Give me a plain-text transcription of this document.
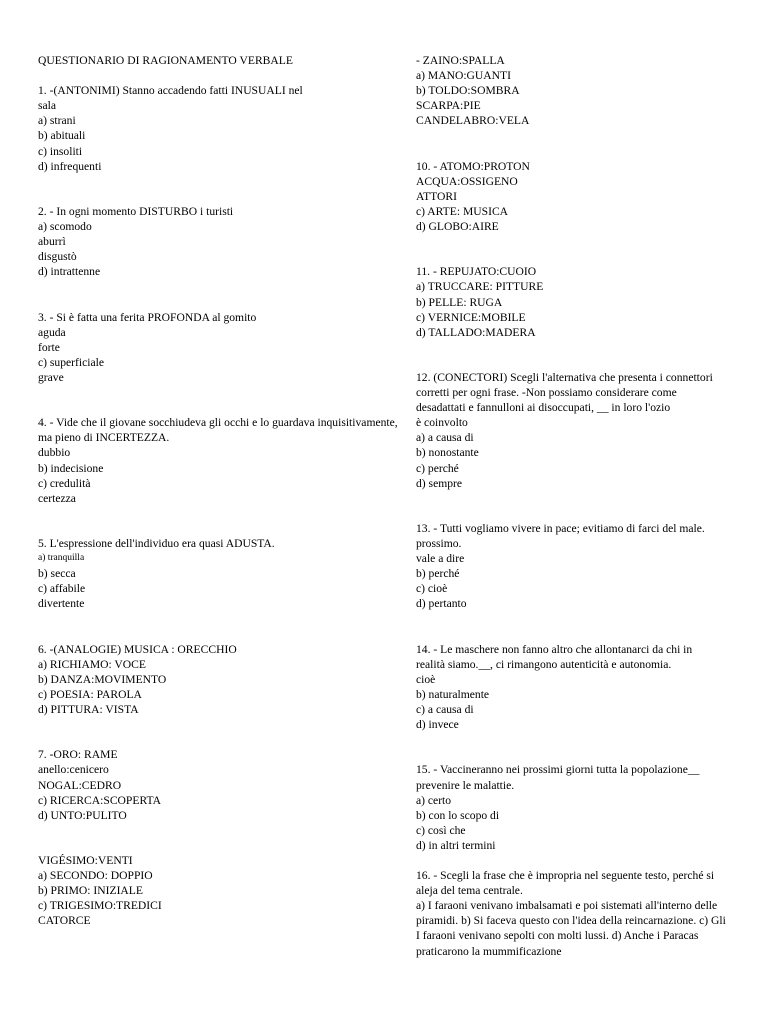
QUESTIONARIO DI RAGIONAMENTO VERBALE
1. -(ANTONIMI) Stanno accadendo fatti INUSUALI nel
sala
a) strani
b) abituali
c) insoliti
d) infrequenti
2. - In ogni momento DISTURBO i turisti
a) scomodo
aburrì
disgustò
d) intrattenne
3. - Si è fatta una ferita PROFONDA al gomito
aguda
forte
c) superficiale
grave
4. - Vide che il giovane socchiudeva gli occhi e lo guardava inquisitivamente,
ma pieno di INCERTEZZA.
dubbio
b) indecisione
c) credulità
certezza
5. L'espressione dell'individuo era quasi ADUSTA.
a) tranquilla
b) secca
c) affabile
divertente
6. -(ANALOGIE) MUSICA : ORECCHIO
a) RICHIAMO: VOCE
b) DANZA:MOVIMENTO
c) POESIA: PAROLA
d) PITTURA: VISTA
7. -ORO: RAME
anello:cenicero
NOGAL:CEDRO
c) RICERCA:SCOPERTA
d) UNTO:PULITO
VIGÉSIMO:VENTI
a) SECONDO: DOPPIO
b) PRIMO: INIZIALE
c) TRIGESIMO:TREDICI
CATORCE
- ZAINO:SPALLA
a) MANO:GUANTI
b) TOLDO:SOMBRA
SCARPA:PIE
CANDELABRO:VELA
10. - ATOMO:PROTON
ACQUA:OSSIGENO
ATTORI
c) ARTE: MUSICA
d) GLOBO:AIRE
11. - REPUJATO:CUOIO
a) TRUCCARE: PITTURE
b) PELLE: RUGA
c) VERNICE:MOBILE
d) TALLADO:MADERA
12. (CONECTORI) Scegli l'alternativa che presenta i connettori
corretti per ogni frase. -Non possiamo considerare come
desadattati e fannulloni ai disoccupati, __ in loro l'ozio
è coinvolto
a) a causa di
b) nonostante
c) perché
d) sempre
13. - Tutti vogliamo vivere in pace; evitiamo di farci del male.
prossimo.
vale a dire
b) perché
c) cioè
d) pertanto
14. - Le maschere non fanno altro che allontanarci da chi in
realità siamo.__, ci rimangono autenticità e autonomia.
cioè
b) naturalmente
c) a causa di
d) invece
15. - Vaccineranno nei prossimi giorni tutta la popolazione__
prevenire le malattie.
a) certo
b) con lo scopo di
c) così che
d) in altri termini
16. - Scegli la frase che è impropria nel seguente testo, perché si
aleja del tema centrale.
a) I faraoni venivano imbalsamati e poi sistemati all'interno delle
piramidi. b) Si faceva questo con l'idea della reincarnazione. c) Gli
I faraoni venivano sepolti con molti lussi. d) Anche i Paracas
praticarono la mummificazione
